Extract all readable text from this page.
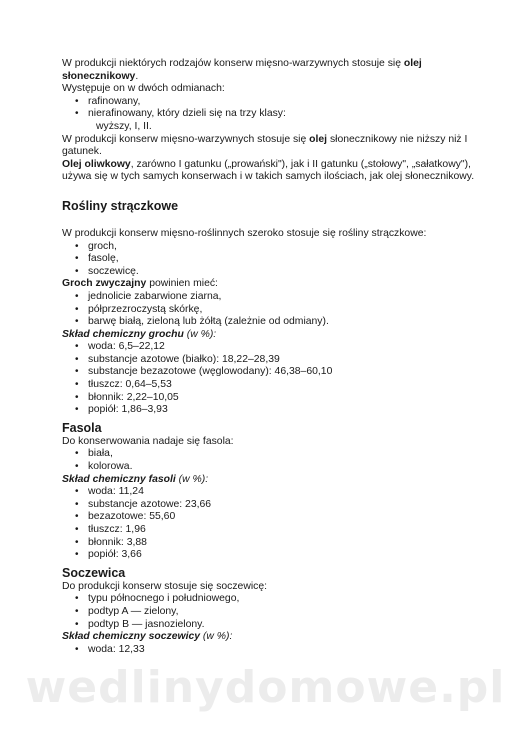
W produkcji niektórych rodzajów konserw mięsno-warzywnych stosuje się olej słonecznikowy.

Występuje on w dwóch odmianach:

• rafinowany,
• nierafinowany, który dzieli się na trzy klasy:

wyższy, I, II.

W produkcji konserw mięsno-warzywnych stosuje się olej słonecznikowy nie niższy niż I gatunek.

Olej oliwkowy, zarówno I gatunku („prowański"), jak i II gatunku („stołowy", „sałatkowy"), używa się w tych samych konserwach i w takich samych ilościach, jak olej słonecznikowy.

Rośliny strączkowe

W produkcji konserw mięsno-roślinnych szeroko stosuje się rośliny strączkowe:

• groch,
• fasolę,
• soczewicę.

Groch zwyczajny powinien mieć:

• jednolicie zabarwione ziarna,
• półprzezroczystą skórkę,
• barwę białą, zieloną lub żółtą (zależnie od odmiany).

Skład chemiczny grochu (w %):

• woda: 6,5–22,12
• substancje azotowe (białko): 18,22–28,39
• substancje bezazotowe (węglowodany): 46,38–60,10
• tłuszcz: 0,64–5,53
• błonnik: 2,22–10,05
• popiół: 1,86–3,93
Fasola

Do konserwowania nadaje się fasola:

• biała,
• kolorowa.

Skład chemiczny fasoli (w %):

• woda: 11,24
• substancje azotowe: 23,66
• bezazotowe: 55,60
• tłuszcz: 1,96
• błonnik: 3,88
• popiół: 3,66
Soczewica

Do produkcji konserw stosuje się soczewicę:

• typu północnego i południowego,
• podtyp A — zielony,
• podtyp B — jasnozielony.

Skład chemiczny soczewicy (w %):

• woda: 12,33
wedlinydomowe.pl
